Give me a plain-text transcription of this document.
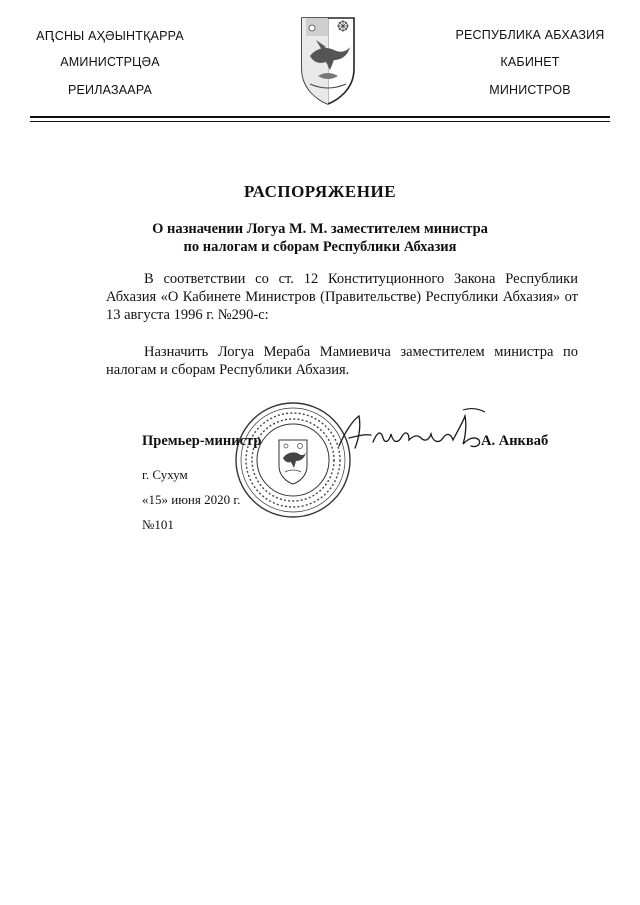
АԤСНЫ АҲӘЫНТҚАРРА
АМИНИСТРЦӘА
РЕИЛАЗААРА
РЕСПУБЛИКА АБХАЗИЯ
КАБИНЕТ
МИНИСТРОВ
РАСПОРЯЖЕНИЕ
О назначении Логуа М. М. заместителем министра
по налогам и сборам Республики Абхазия
В соответствии со ст. 12 Конституционного Закона Республики Абхазия «О Кабинете Министров (Правительстве) Республики Абхазия» от 13 августа 1996 г. №290-с:
Назначить Логуа Мераба Мамиевича заместителем министра по налогам и сборам Республики Абхазия.
Премьер-министр	А. Анкваб
г. Сухум
«15» июня 2020 г.
№101
